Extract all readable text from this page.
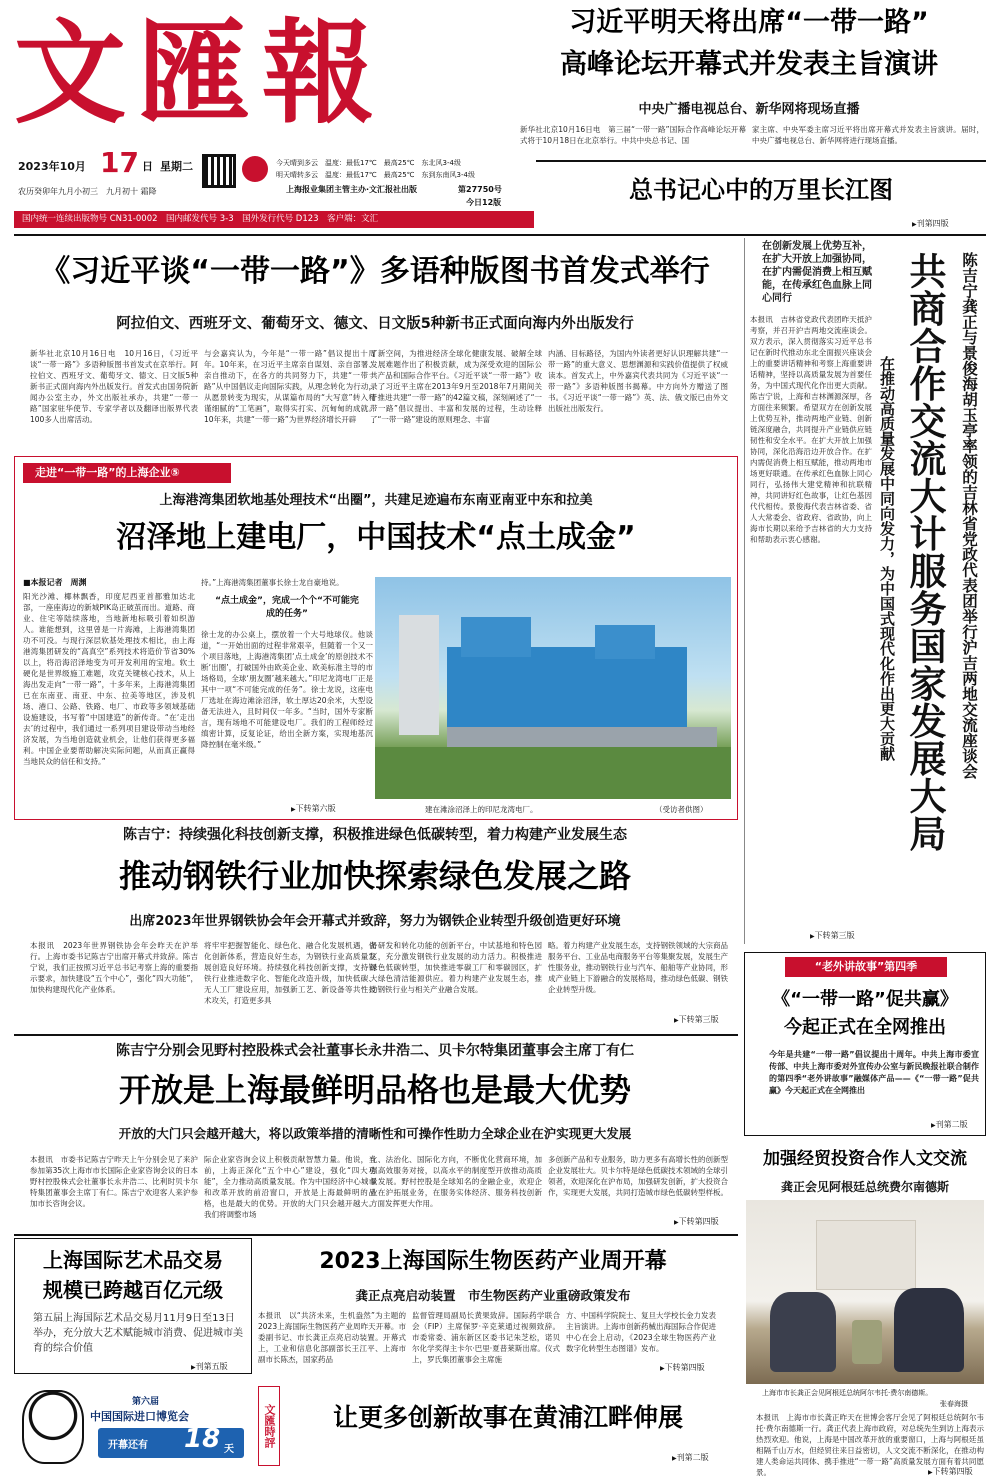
文匯報
2023年10月 17 日 星期二
农历癸卯年九月小初三　九月初十 霜降
今天晴到多云　温度：最低17℃　最高25℃　东北风3-4级
明天晴转多云　温度：最低17℃　最高25℃　东到东南风3-4级
上海报业集团主管主办·文汇报社出版	第27750号
今日12版
国内统一连续出版物号 CN31-0002　国内邮发代号 3-3　国外发行代号 D123　客户端：文汇
习近平明天将出席“一带一路”
高峰论坛开幕式并发表主旨演讲
中央广播电视总台、新华网将现场直播
新华社北京10月16日电　第三届“一带一路”国际合作高峰论坛开幕式将于10月18日在北京举行。中共中央总书记、国
家主席、中央军委主席习近平将出席开幕式并发表主旨演讲。届时，中央广播电视总台、新华网将进行现场直播。
总书记心中的万里长江图
▶ 刊第四版
《习近平谈“一带一路”》多语种版图书首发式举行
阿拉伯文、西班牙文、葡萄牙文、德文、日文版5种新书正式面向海内外出版发行
新华社北京10月16日电　10月16日，《习近平谈“一带一路”》多语种版图书首发式在京举行。阿拉伯文、西班牙文、葡萄牙文、德文、日文版5种新书正式面向海内外出版发行。首发式由国务院新闻办公室主办，外文出版社承办，共建“一带一路”国家驻华使节、专家学者以及翻译出版界代表100多人出席活动。
与会嘉宾认为，今年是“一带一路”倡议提出十周年。10年来，在习近平主席亲自谋划、亲自部署、亲自推动下，在各方的共同努力下，共建“一带一路”从中国倡议走向国际实践，从理念转化为行动，从愿景转变为现实，从谋篇布局的“大写意”转入精谨细腻的“工笔画”，取得实打实、沉甸甸的成就。10年来，共建“一带一路”为世界经济增长开辟
了新空间，为推进经济全球化健康发展、破解全球发展难题作出了积极贡献，成为深受欢迎的国际公共产品和国际合作平台。《习近平谈“一带一路”》收录了习近平主席在2013年9月至2018年7月期间关于推进共建“一带一路”的42篇文稿，深刻阐述了“一带一路”倡议提出、丰富和发展的过程，生动诠释了“一带一路”建设的原则理念、丰富
内涵、目标路径，为国内外读者更好认识理解共建“一带一路”的重大意义、思想渊源和实践价值提供了权威读本。首发式上，中外嘉宾代表共同为《习近平谈“一带一路”》多语种版图书揭幕。中方向外方赠送了图书。《习近平谈“一带一路”》英、法、俄文版已由外文出版社出版发行。
走进“一带一路”的上海企业⑤
上海港湾集团软地基处理技术“出圈”，共建足迹遍布东南亚南亚中东和拉美
沼泽地上建电厂，中国技术“点土成金”
■本报记者　周渊
阳光沙滩、椰林飘香，印度尼西亚首都雅加达北部，一座座海边的新城PIK岛正破茧而出。道路、商业、住宅等陆续落地，当地新地标吸引着如织游人。谁能想到，这里曾是一片海滩，上海港湾集团功不可没。与现行深层软基处理技术相比，由上海港湾集团研发的“高真空”系列技术将造价节省30%以上，将沿海沼泽地变为可开发利用的宝地。软土硬化是世界级施工难题，攻克关键核心技术，从上海出发走向“一带一路”，十多年来，上海港湾集团已在东南亚、南亚、中东、拉美等地区，涉及机场、港口、公路、铁路、电厂、市政等多领域基础设施建设，书写着“中国建造”的新传奇。“在‘走出去’的过程中，我们通过一系列项目建设带动当地经济发展，为当地创造就业机会，让他们获得更多福利。中国企业要帮助解决实际问题，从而真正赢得当地民众的信任和支持。”
持。”上海港湾集团董事长徐士龙自豪地说。
“点土成金”，完成一个个“不可能完成的任务”
徐士龙的办公桌上，摆放着一个大号地球仪。他谈道，“一开始出面的过程非常艰辛，但随着一个又一个项目落地，上海港湾集团‘点土成金’的原创技术不断‘出圈’，打破国外由欧美企业、欧美标准主导的市场格局，全球‘朋友圈’越来越大。”印尼龙湾电厂正是其中一项“不可能完成的任务”。徐士龙说，这座电厂选址在海边滩涂沼泽，软土厚达20余米，大型设备无法进入，且时间仅一年多。“当时，国外专家断言，现有场地不可能建设电厂。我们的工程师经过缜密计算，反复论证，给出全新方案，实现地基沉降控制在毫米级。”
▶ 下转第六版	建在滩涂沼泽上的印尼龙湾电厂。	（受访者供图）
陈吉宁：持续强化科技创新支撑，积极推进绿色低碳转型，着力构建产业发展生态
推动钢铁行业加快探索绿色发展之路
出席2023年世界钢铁协会年会开幕式并致辞，努力为钢铁企业转型升级创造更好环境
本报讯　2023年世界钢铁协会年会昨天在沪举行。上海市委书记陈吉宁出席开幕式并致辞。陈吉宁说，我们正按照习近平总书记考察上海的重要指示要求，加快建设“五个中心”，强化“四大功能”，加快构建现代化产业体系。
将牢牢把握智能化、绿色化、融合化发展机遇，优化创新体系，营造良好生态，为钢铁行业高质量发展创造良好环境。持续强化科技创新支撑，支持钢铁行业推进数字化、智能化改造升级，加快低碳、无人工厂建设应用，加强新工艺、新设备等共性技术攻关，打造更多具
备研发和转化功能的创新平台，中试基地和特色园区，充分激发钢铁行业发展的动力活力。积极推进绿色低碳转型，加快推进零碳工厂和零碳园区，扩大绿色清洁能源供应。着力构建产业发展生态，推动钢铁行业与相关产业融合发展。
略。着力构建产业发展生态，支持钢铁领域的大宗商品服务平台、工业品电商服务平台等集聚发展，发展生产性服务业，推动钢铁行业与汽车、船舶等产业协同，形成产业链上下游融合的发展格局，推动绿色低碳、钢铁企业转型升级。
▶ 下转第三版
陈吉宁分别会见野村控股株式会社董事长永井浩二、贝卡尔特集团董事会主席丁有仁
开放是上海最鲜明品格也是最大优势
开放的大门只会越开越大，将以政策举措的清晰性和可操作性助力全球企业在沪实现更大发展
本报讯　市委书记陈吉宁昨天上午分别会见了来沪参加第35次上海市市长国际企业家咨询会议的日本野村控股株式会社董事长永井浩二、比利时贝卡尔特集团董事会主席丁有仁。陈吉宁欢迎客人来沪参加市长咨询会议。
际企业家咨询会议上积极贡献智慧力量。他说，当前，上海正深化“五个中心”建设，强化“四大功能”，全力推动高质量发展。作为中国经济中心城市和改革开放的前沿窗口，开放是上海最鲜明的品格，也是最大的优势。开放的大门只会越开越大。我们将调整市场
化、法治化、国际化方向，不断优化营商环境，加强高效服务对接，以高水平的制度型开放推动高质量发展。野村控股是全球知名的金融企业，欢迎企业在沪拓展业务，在服务实体经济、服务科技创新方面发挥更大作用。
多创新产品和专业服务，助力更多有高增长性的创新型企业发展壮大。贝卡尔特是绿色低碳技术领域的全球引领者，欢迎深化在沪布局，加强研发创新，扩大投资合作，实现更大发展，共同打造城市绿色低碳转型样板。
▶ 下转第四版
上海国际艺术品交易
规模已跨越百亿元级
第五届上海国际艺术品交易月11月9日至13日举办，充分放大艺术赋能城市消费、促进城市美育的综合价值
▶ 刊第五版
2023上海国际生物医药产业周开幕
龚正点亮启动装置　市生物医药产业重磅政策发布
本报讯　以“共济未来，生机盎然”为主题的2023上海国际生物医药产业周昨天开幕。市委副书记、市长龚正点亮启动装置。开幕式上，工业和信息化部副部长王江平、上海市副市长陈杰，国家药品
监督管理局副局长黄果致辞。国际药学联合会（FIP）主席保罗·辛克莱通过视频致辞。市委常委、浦东新区区委书记朱芝松，诺贝尔化学奖得主卡尔·巴里·夏普莱斯出席。仪式上，罗氏集团董事会主席施
方、中国科学院院士、复旦大学校长金力发表主旨演讲。上海市创新药械出海国际合作促进中心在会上启动，《2023全球生物医药产业数字化转型生态图谱》发布。
▶ 下转第四版
第六届
中国国际进口博览会
开幕还有 18 天
文匯時評	让更多创新故事在黄浦江畔伸展
▶ 刊第二版
在创新发展上优势互补，在扩大开放上加强协同，在扩内需促消费上相互赋能，在传承红色血脉上同心同行
本报讯　吉林省党政代表团昨天抵沪考察，并召开沪吉两地交流座谈会。双方表示，深入贯彻落实习近平总书记在新时代推动东北全面振兴座谈会上的重要讲话精神和考察上海重要讲话精神，坚持以高质量发展为首要任务，为中国式现代化作出更大贡献。陈吉宁说，上海和吉林渊源深厚，各方面往来频繁。希望双方在创新发展上优势互补，推动两地产业链、创新链深度融合，共同提升产业链供应链韧性和安全水平。在扩大开放上加强协同，深化沿海沿边开放合作。在扩内需促消费上相互赋能，推动两地市场更好联通。在传承红色血脉上同心同行，弘扬伟大建党精神和抗联精神，共同讲好红色故事，让红色基因代代相传。景俊海代表吉林省委、省人大常委会、省政府、省政协，向上海市长期以来给予吉林省的大力支持和帮助表示衷心感谢。
▶ 下转第三版
在推动高质量发展中同向发力，为中国式现代化作出更大贡献 共商合作交流大计服务国家发展大局 陈吉宁龚正与景俊海胡玉亭率领的吉林省党政代表团举行沪吉两地交流座谈会
“老外讲故事”第四季
《“一带一路”促共赢》
今起正式在全网推出
今年是共建“一带一路”倡议提出十周年。中共上海市委宣传部、中共上海市委对外宣传办公室与新民晚报社联合制作的第四季“老外讲故事”融媒体产品——《“一带一路”促共赢》今天起正式在全网推出
▶ 刊第二版
加强经贸投资合作人文交流
龚正会见阿根廷总统费尔南德斯
上海市市长龚正会见阿根廷总统阿尔韦托·费尔南德斯。
张春海摄
本报讯　上海市市长龚正昨天在世博会客厅会见了阿根廷总统阿尔韦托·费尔南德斯一行。龚正代表上海市政府，对总统先生到访上海表示热烈欢迎。他说，上海是中国改革开放的重要窗口，上海与阿根廷虽相隔千山万水，但经贸往来日益密切，人文交流不断深化，在推动构建人类命运共同体、携手推进“一带一路”高质量发展方面有着共同愿景。
▶	下转第四版
